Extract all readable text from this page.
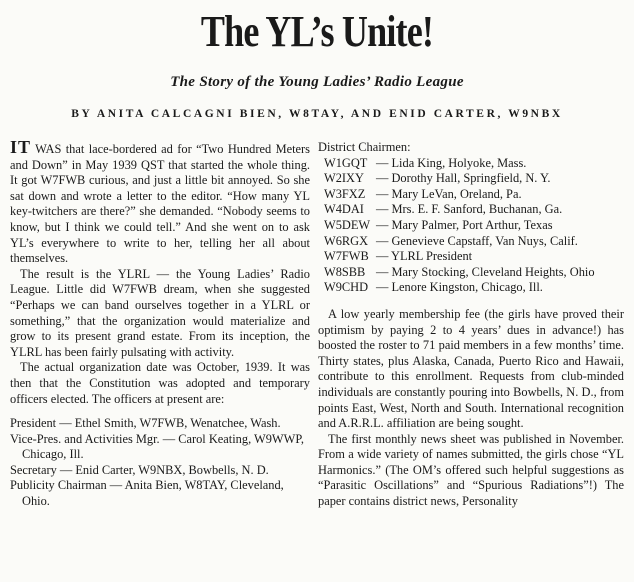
The YL’s Unite!
The Story of the Young Ladies’ Radio League
BY ANITA CALCAGNI BIEN, W8TAY, AND ENID CARTER, W9NBX

IT WAS that lace-bordered ad for “Two Hundred Meters and Down” in May 1939 QST that started the whole thing. It got W7FWB curious, and just a little bit annoyed. So she sat down and wrote a letter to the editor. “How many YL key-twitchers are there?” she demanded. “Nobody seems to know, but I think we could tell.” And she went on to ask YL’s everywhere to write to her, telling her all about themselves.

The result is the YLRL — the Young Ladies’ Radio League. Little did W7FWB dream, when she suggested “Perhaps we can band ourselves together in a YLRL or something,” that the organization would materialize and grow to its present grand estate. From its inception, the YLRL has been fairly pulsating with activity.

The actual organization date was October, 1939. It was then that the Constitution was adopted and temporary officers elected. The officers at present are:

President — Ethel Smith, W7FWB, Wenatchee, Wash.
Vice-Pres. and Activities Mgr. — Carol Keating, W9WWP, Chicago, Ill.
Secretary — Enid Carter, W9NBX, Bowbells, N. D.
Publicity Chairman — Anita Bien, W8TAY, Cleveland, Ohio.

District Chairmen:

W1GQT — Lida King, Holyoke, Mass.
W2IXY — Dorothy Hall, Springfield, N. Y.
W3FXZ — Mary LeVan, Oreland, Pa.
W4DAI — Mrs. E. F. Sanford, Buchanan, Ga.
W5DEW — Mary Palmer, Port Arthur, Texas
W6RGX — Genevieve Capstaff, Van Nuys, Calif.
W7FWB — YLRL President
W8SBB — Mary Stocking, Cleveland Heights, Ohio
W9CHD — Lenore Kingston, Chicago, Ill.

A low yearly membership fee (the girls have proved their optimism by paying 2 to 4 years’ dues in advance!) has boosted the roster to 71 paid members in a few months’ time. Thirty states, plus Alaska, Canada, Puerto Rico and Hawaii, contribute to this enrollment. Requests from club-minded individuals are constantly pouring into Bowbells, N. D., from points East, West, North and South. International recognition and A.R.R.L. affiliation are being sought.

The first monthly news sheet was published in November. From a wide variety of names submitted, the girls chose “YL Harmonics.” (The OM’s offered such helpful suggestions as “Parasitic Oscillations” and “Spurious Radiations”!) The paper contains district news, Personality
